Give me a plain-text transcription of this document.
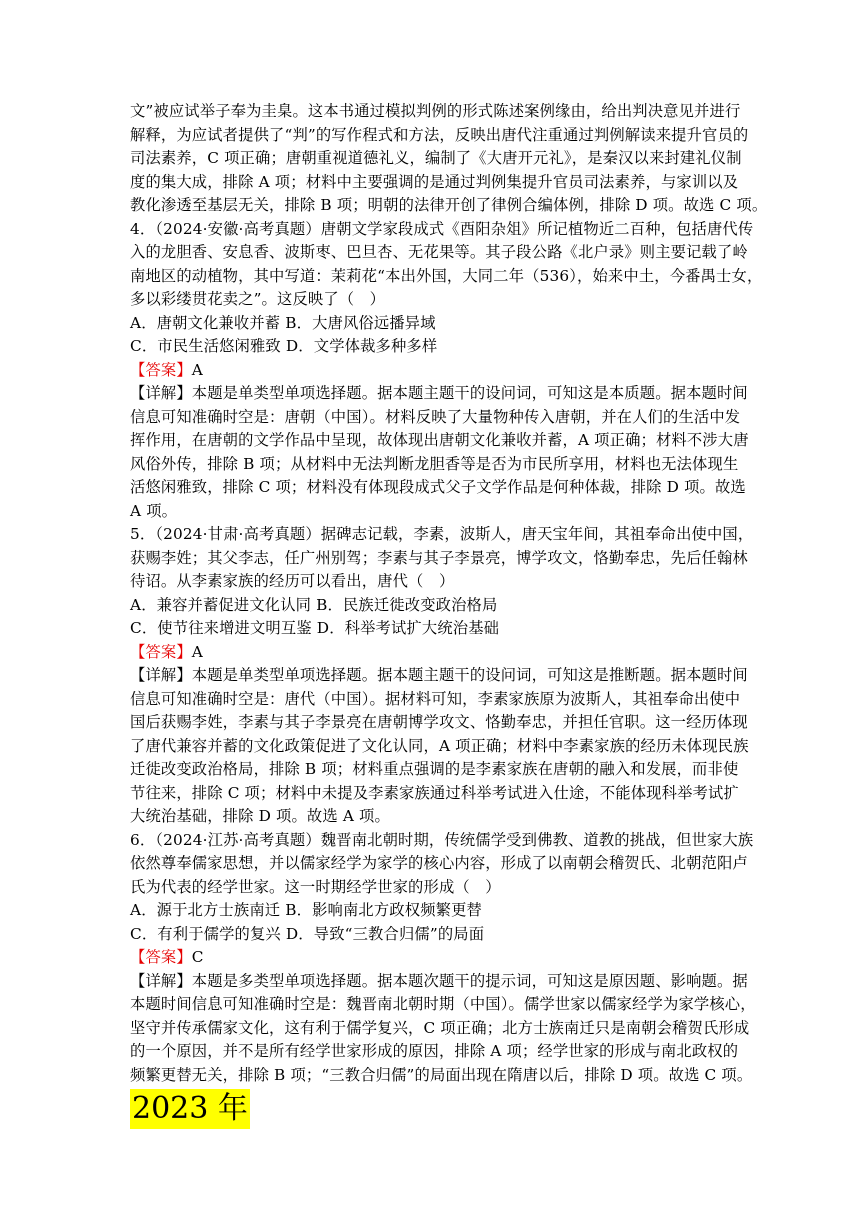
文”被应试举子奉为圭臬。这本书通过模拟判例的形式陈述案例缘由，给出判决意见并进行
解释，为应试者提供了“判”的写作程式和方法，反映出唐代注重通过判例解读来提升官员的
司法素养，C 项正确；唐朝重视道德礼义，编制了《大唐开元礼》，是秦汉以来封建礼仪制
度的集大成，排除 A 项；材料中主要强调的是通过判例集提升官员司法素养，与家训以及
教化渗透至基层无关，排除 B 项；明朝的法律开创了律例合编体例，排除 D 项。故选 C 项。
4．（2024·安徽·高考真题）唐朝文学家段成式《酉阳杂俎》所记植物近二百种，包括唐代传
入的龙胆香、安息香、波斯枣、巴旦杏、无花果等。其子段公路《北户录》则主要记载了岭
南地区的动植物，其中写道：茉莉花“本出外国，大同二年（536），始来中土，今番禺士女，
多以彩缕贯花卖之”。这反映了（　）
A．唐朝文化兼收并蓄 B．大唐风俗远播异域
C．市民生活悠闲雅致 D．文学体裁多种多样
【答案】A
【详解】本题是单类型单项选择题。据本题主题干的设问词，可知这是本质题。据本题时间
信息可知准确时空是：唐朝（中国）。材料反映了大量物种传入唐朝，并在人们的生活中发
挥作用，在唐朝的文学作品中呈现，故体现出唐朝文化兼收并蓄，A 项正确；材料不涉大唐
风俗外传，排除 B 项；从材料中无法判断龙胆香等是否为市民所享用，材料也无法体现生
活悠闲雅致，排除 C 项；材料没有体现段成式父子文学作品是何种体裁，排除 D 项。故选
A 项。
5．（2024·甘肃·高考真题）据碑志记载，李素，波斯人，唐天宝年间，其祖奉命出使中国，
获赐李姓；其父李志，任广州别驾；李素与其子李景亮，博学攻文，恪勤奉忠，先后任翰林
待诏。从李素家族的经历可以看出，唐代（　）
A．兼容并蓄促进文化认同 B．民族迁徙改变政治格局
C．使节往来增进文明互鉴 D．科举考试扩大统治基础
【答案】A
【详解】本题是单类型单项选择题。据本题主题干的设问词，可知这是推断题。据本题时间
信息可知准确时空是：唐代（中国）。据材料可知，李素家族原为波斯人，其祖奉命出使中
国后获赐李姓，李素与其子李景亮在唐朝博学攻文、恪勤奉忠，并担任官职。这一经历体现
了唐代兼容并蓄的文化政策促进了文化认同，A 项正确；材料中李素家族的经历未体现民族
迁徙改变政治格局，排除 B 项；材料重点强调的是李素家族在唐朝的融入和发展，而非使
节往来，排除 C 项；材料中未提及李素家族通过科举考试进入仕途，不能体现科举考试扩
大统治基础，排除 D 项。故选 A 项。
6．（2024·江苏·高考真题）魏晋南北朝时期，传统儒学受到佛教、道教的挑战，但世家大族
依然尊奉儒家思想，并以儒家经学为家学的核心内容，形成了以南朝会稽贺氏、北朝范阳卢
氏为代表的经学世家。这一时期经学世家的形成（　）
A．源于北方士族南迁 B．影响南北方政权频繁更替
C．有利于儒学的复兴 D．导致“三教合归儒”的局面
【答案】C
【详解】本题是多类型单项选择题。据本题次题干的提示词，可知这是原因题、影响题。据
本题时间信息可知准确时空是：魏晋南北朝时期（中国）。儒学世家以儒家经学为家学核心，
坚守并传承儒家文化，这有利于儒学复兴，C 项正确；北方士族南迁只是南朝会稽贺氏形成
的一个原因，并不是所有经学世家形成的原因，排除 A 项；经学世家的形成与南北政权的
频繁更替无关，排除 B 项；“三教合归儒”的局面出现在隋唐以后，排除 D 项。故选 C 项。
2023 年
